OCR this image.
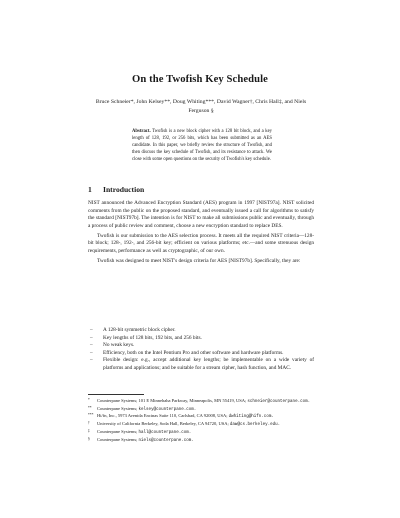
On the Twofish Key Schedule
Bruce Schneier*, John Kelsey**, Doug Whiting***, David Wagner†, Chris Hall‡, and Niels Ferguson §
Abstract. Twofish is a new block cipher with a 128 bit block, and a key length of 128, 192, or 256 bits, which has been submitted as an AES candidate. In this paper, we briefly review the structure of Twofish, and then discuss the key schedule of Twofish, and its resistance to attack. We close with some open questions on the security of Twofish's key schedule.
1 Introduction

NIST announced the Advanced Encryption Standard (AES) program in 1997 [NIST97a]. NIST solicited comments from the public on the proposed standard, and eventually issued a call for algorithms to satisfy the standard [NIST97b]. The intention is for NIST to make all submissions public and eventually, through a process of public review and comment, choose a new encryption standard to replace DES.

Twofish is our submission to the AES selection process. It meets all the required NIST criteria—128-bit block; 128-, 192-, and 256-bit key; efficient on various platforms; etc.—and some strenuous design requirements, performance as well as cryptographic, of our own.

Twofish was designed to meet NIST's design criteria for AES [NIST97b]. Specifically, they are:

– A 128-bit symmetric block cipher.
– Key lengths of 128 bits, 192 bits, and 256 bits.
– No weak keys.
– Efficiency, both on the Intel Pentium Pro and other software and hardware platforms.
– Flexible design: e.g., accept additional key lengths; be implementable on a wide variety of platforms and applications; and be suitable for a stream cipher, hash function, and MAC.
* Counterpane Systems; 101 E Minnehaha Parkway, Minneapolis, MN 55419, USA; schneier@counterpane.com.
** Counterpane Systems; kelsey@counterpane.com.
*** Hi/fn, Inc., 5973 Avenida Encinas Suite 110, Carlsbad, CA 92008, USA; dwhiting@hifn.com.
† University of California Berkeley, Soda Hall, Berkeley, CA 94720, USA; daw@cs.berkeley.edu.
‡ Counterpane Systems; hall@counterpane.com.
§ Counterpane Systems; niels@counterpane.com.
